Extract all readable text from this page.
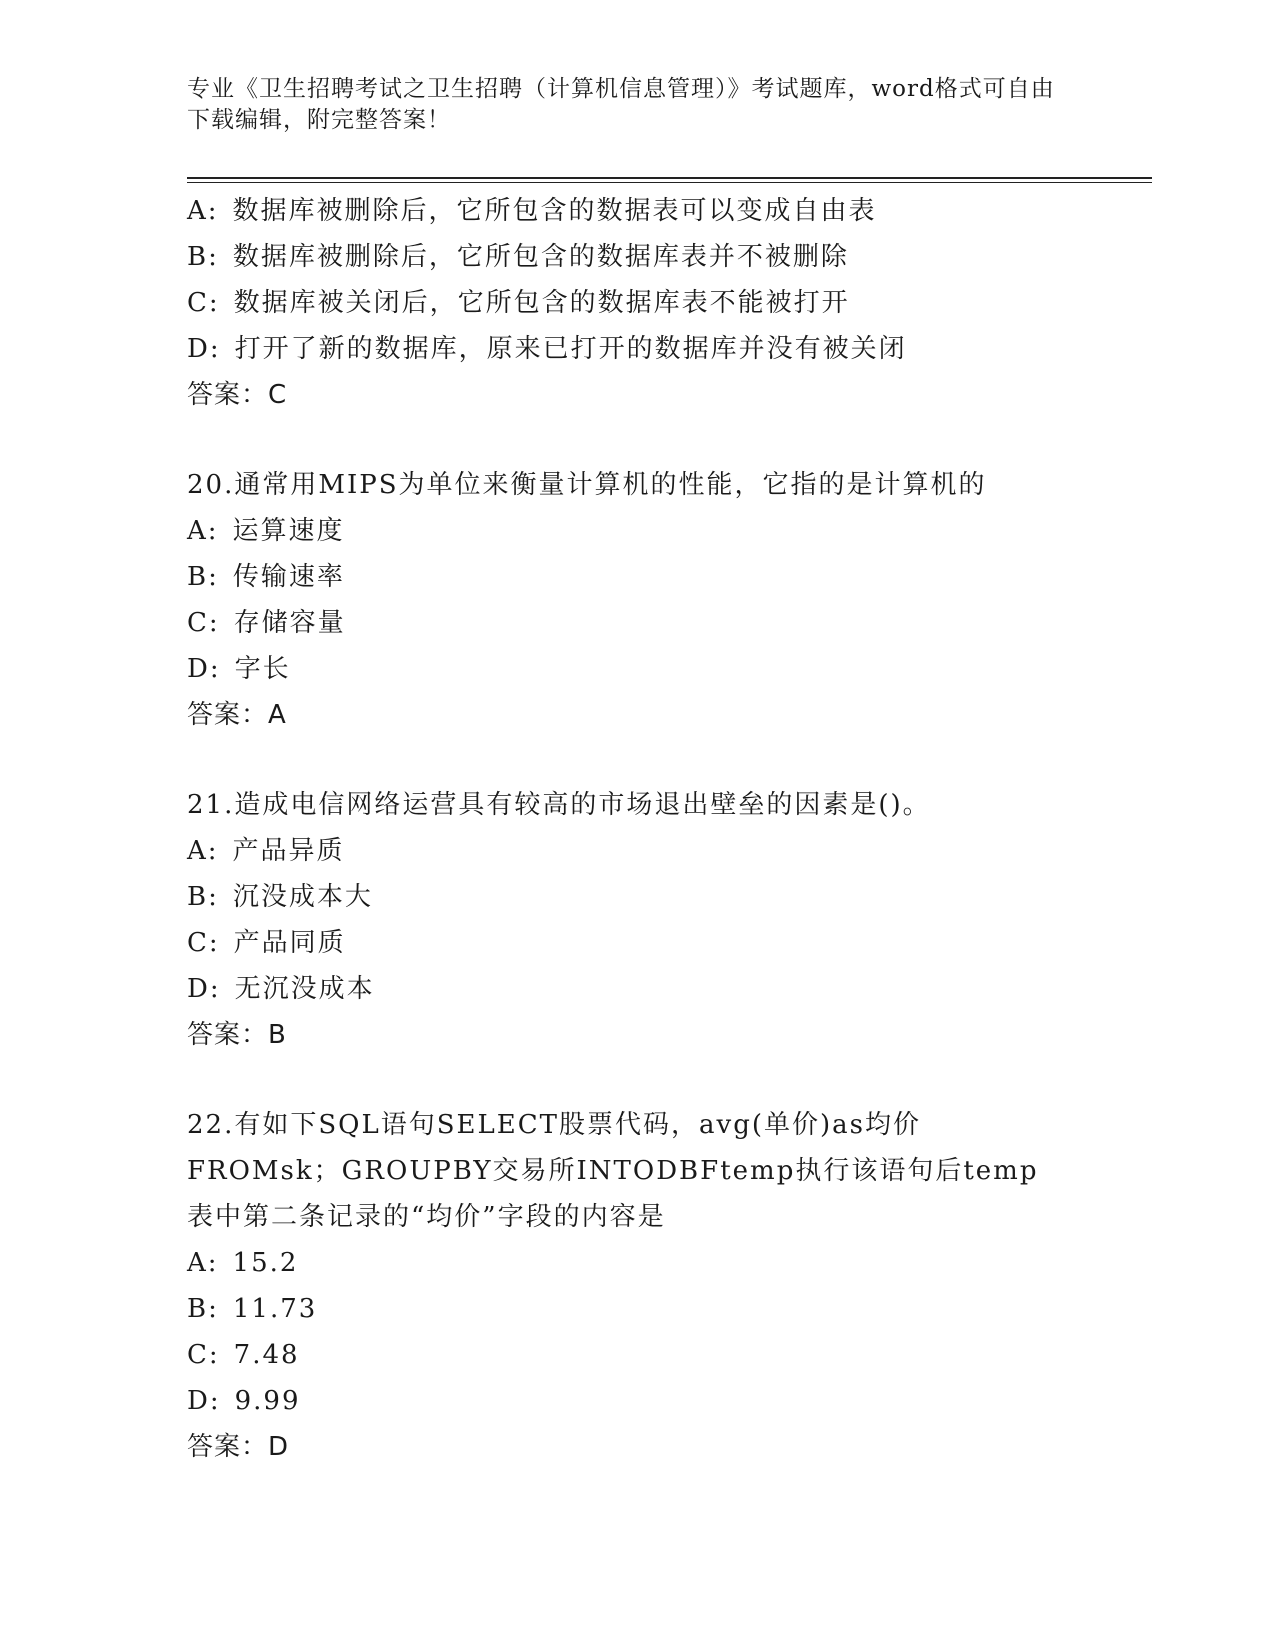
专业《卫生招聘考试之卫生招聘（计算机信息管理）》考试题库，word格式可自由下载编辑，附完整答案！
A: 数据库被删除后，它所包含的数据表可以变成自由表
B: 数据库被删除后，它所包含的数据库表并不被删除
C: 数据库被关闭后，它所包含的数据库表不能被打开
D: 打开了新的数据库，原来已打开的数据库并没有被关闭
答案：C
20.通常用MIPS为单位来衡量计算机的性能，它指的是计算机的
A: 运算速度
B: 传输速率
C: 存储容量
D: 字长
答案：A
21.造成电信网络运营具有较高的市场退出壁垒的因素是()。
A: 产品异质
B: 沉没成本大
C: 产品同质
D: 无沉没成本
答案：B
22.有如下SQL语句SELECT股票代码，avg(单价)as均价FROMsk；GROUPBY交易所INTODBFtemp执行该语句后temp表中第二条记录的“均价”字段的内容是
A: 15.2
B: 11.73
C: 7.48
D: 9.99
答案：D
